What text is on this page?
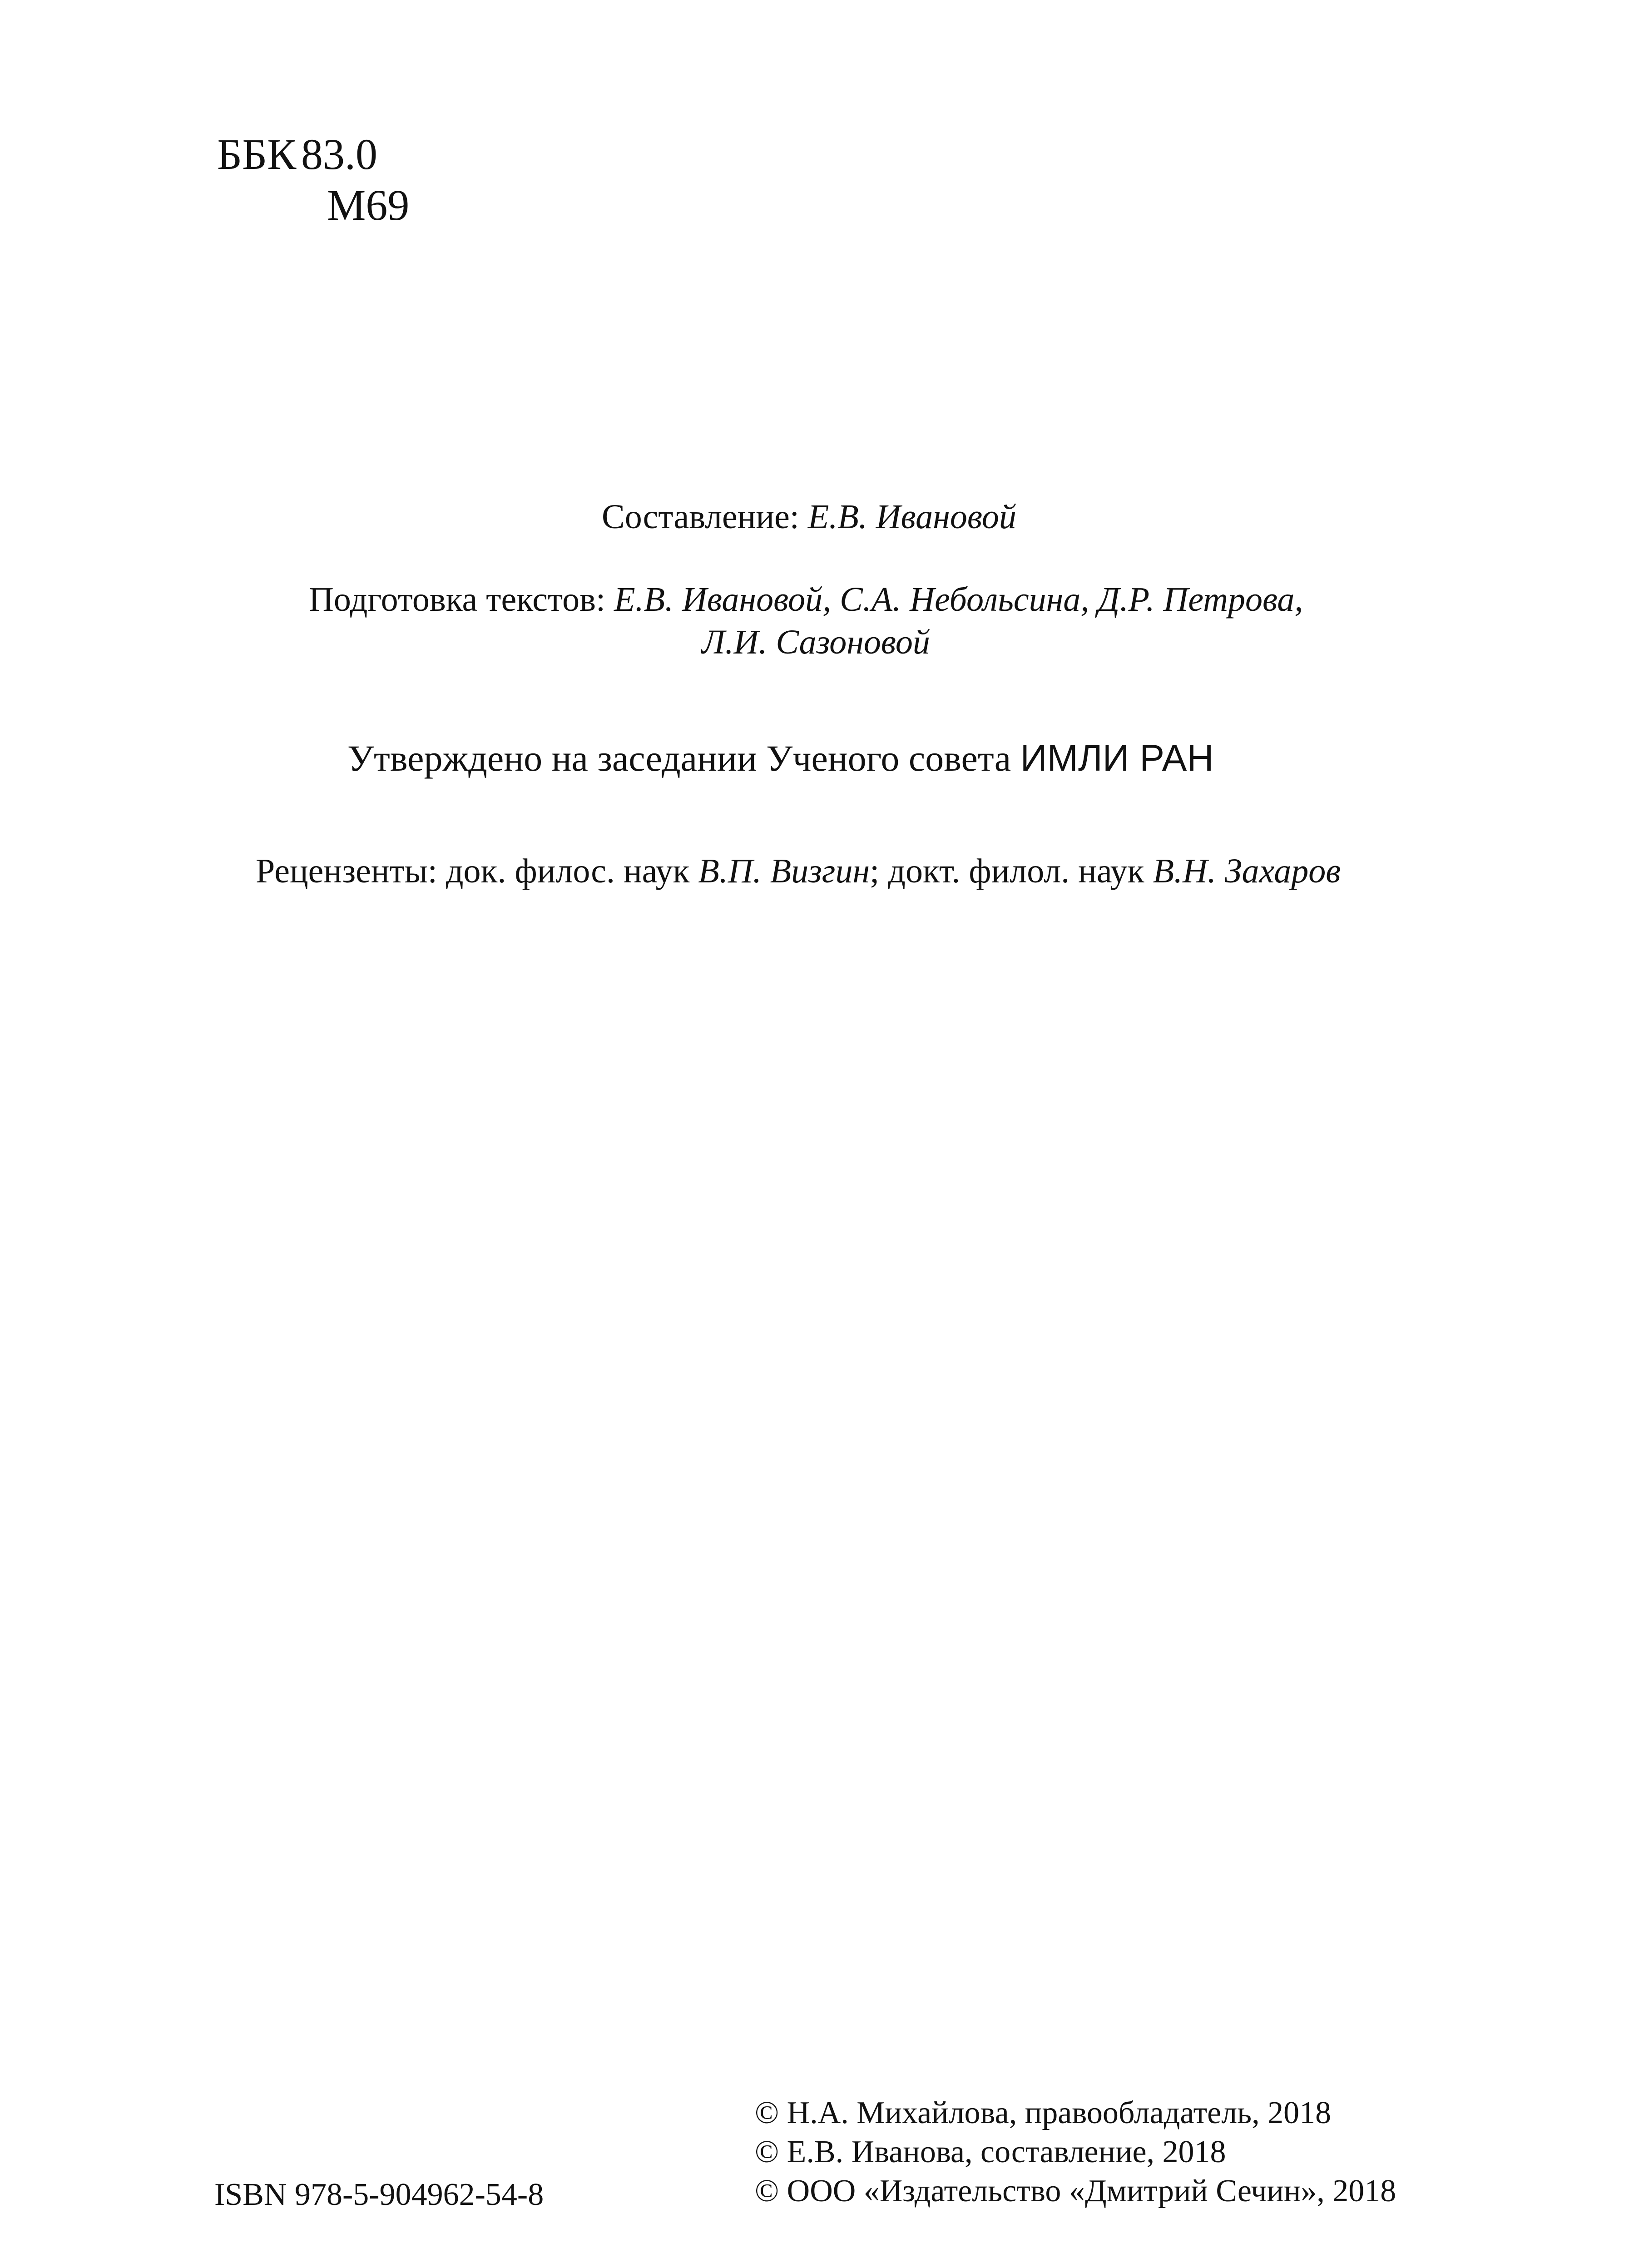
ББК 83.0
М69
Составление: Е.В. Ивановой
Подготовка текстов: Е.В. Ивановой, С.А. Небольсина, Д.Р. Петрова,
Л.И. Сазоновой
Утверждено на заседании Ученого совета ИМЛИ РАН
Рецензенты: док. филос. наук В.П. Визгин; докт. филол. наук В.Н. Захаров
ISBN 978-5-904962-54-8
© Н.А. Михайлова, правообладатель, 2018
© Е.В. Иванова, составление, 2018
© ООО «Издательство «Дмитрий Сечин», 2018
